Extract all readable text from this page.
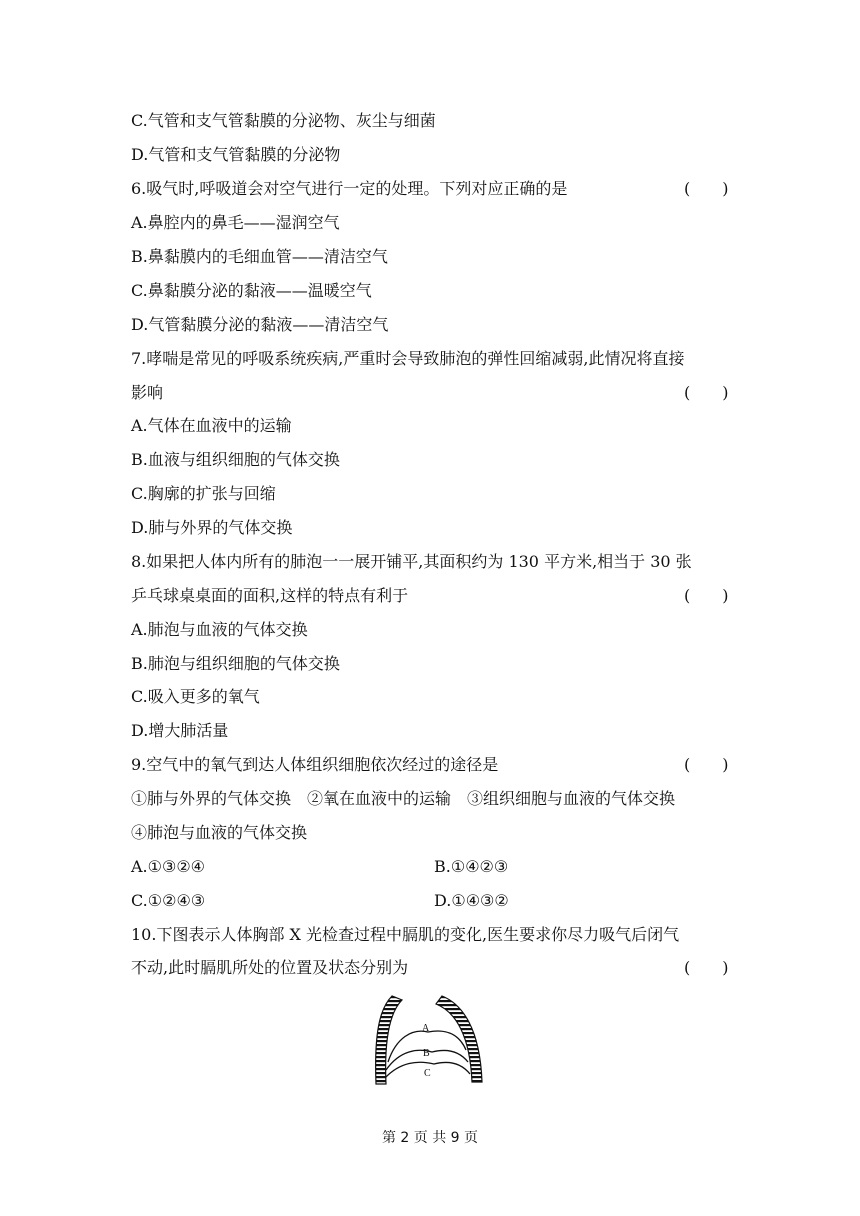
C.气管和支气管黏膜的分泌物、灰尘与细菌
D.气管和支气管黏膜的分泌物
6.吸气时,呼吸道会对空气进行一定的处理。下列对应正确的是	(　　)
A.鼻腔内的鼻毛——湿润空气
B.鼻黏膜内的毛细血管——清洁空气
C.鼻黏膜分泌的黏液——温暖空气
D.气管黏膜分泌的黏液——清洁空气
7.哮喘是常见的呼吸系统疾病,严重时会导致肺泡的弹性回缩减弱,此情况将直接
影响	(　　)
A.气体在血液中的运输
B.血液与组织细胞的气体交换
C.胸廓的扩张与回缩
D.肺与外界的气体交换
8.如果把人体内所有的肺泡一一展开铺平,其面积约为 130 平方米,相当于 30 张
乒乓球桌桌面的面积,这样的特点有利于	(　　)
A.肺泡与血液的气体交换
B.肺泡与组织细胞的气体交换
C.吸入更多的氧气
D.增大肺活量
9.空气中的氧气到达人体组织细胞依次经过的途径是	(　　)
①肺与外界的气体交换　②氧在血液中的运输　③组织细胞与血液的气体交换
④肺泡与血液的气体交换
A.①③②④	B.①④②③
C.①②④③	D.①④③②
10.下图表示人体胸部 X 光检查过程中膈肌的变化,医生要求你尽力吸气后闭气
不动,此时膈肌所处的位置及状态分别为	(　　)
A
B
C
第 2 页 共 9 页
